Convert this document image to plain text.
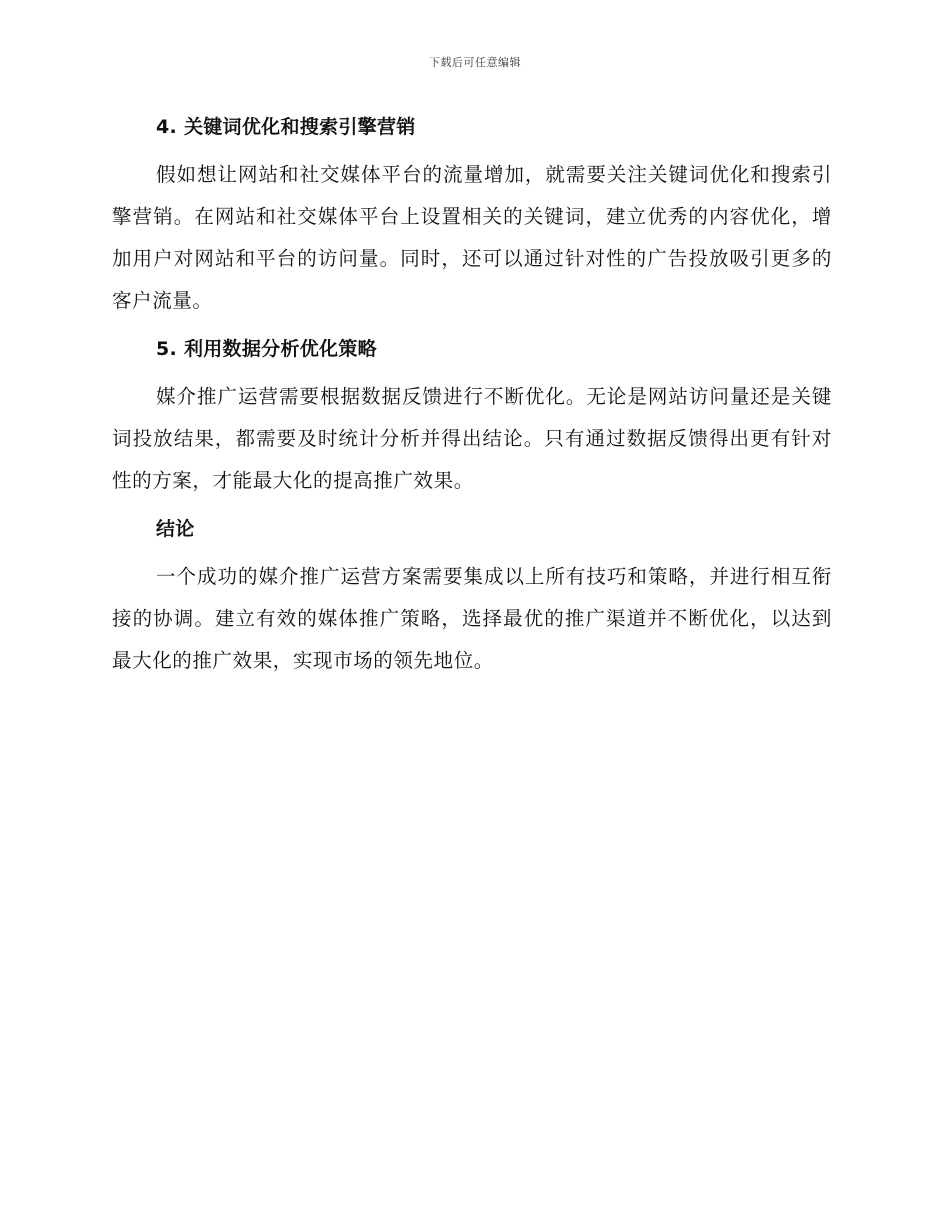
下载后可任意编辑
4. 关键词优化和搜索引擎营销

假如想让网站和社交媒体平台的流量增加，就需要关注关键词优化和搜索引擎营销。在网站和社交媒体平台上设置相关的关键词，建立优秀的内容优化，增加用户对网站和平台的访问量。同时，还可以通过针对性的广告投放吸引更多的客户流量。

5. 利用数据分析优化策略

媒介推广运营需要根据数据反馈进行不断优化。无论是网站访问量还是关键词投放结果，都需要及时统计分析并得出结论。只有通过数据反馈得出更有针对性的方案，才能最大化的提高推广效果。

结论

一个成功的媒介推广运营方案需要集成以上所有技巧和策略，并进行相互衔接的协调。建立有效的媒体推广策略，选择最优的推广渠道并不断优化，以达到最大化的推广效果，实现市场的领先地位。
